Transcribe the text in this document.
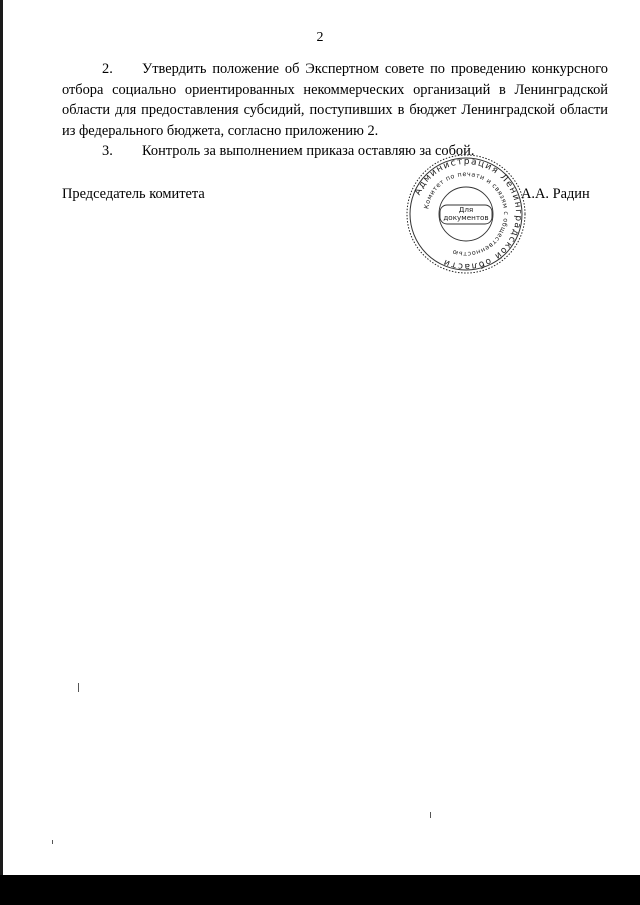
2

2. Утвердить положение об Экспертном совете по проведению конкурсного отбора социально ориентированных некоммерческих организаций в Ленинградской области для предоставления субсидий, поступивших в бюджет Ленинградской области из федерального бюджета, согласно приложению 2.

3. Контроль за выполнением приказа оставляю за собой.

Председатель комитета	Администрация Ленинградской области
Комитет по печати и связям с общественностью
Для
документов
А.А. Радин
